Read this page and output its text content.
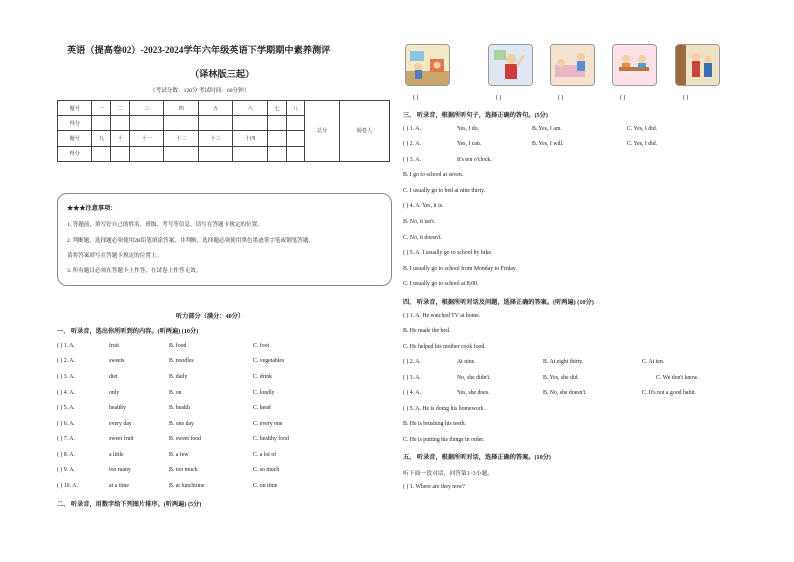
英语（提高卷02）-2023-2024学年六年级英语下学期期中素养测评
（译林版三起）
（考试分数：120分 考试时间：60分钟）
题号	一	二	三	四	五	六	七	八	总分	阅卷人
得分										
题号	九	十	十一	十二	十三	十四				
得分										
★★★注意事项：
1. 答题前，填写好自己的姓名、班级、考号等信息，请写在答题卡规定的位置。
2. 判断题、选择题必须使用2B铅笔填涂答案，非判断、选择题必须使用黑色墨迹签字笔或钢笔答题，
请将答案填写在答题卡规定的位置上。
3. 所有题目必须在答题卡上作答，在试卷上作答无效。
听力部分（满分：40分）
一、 听录音，选出你所听到的内容。(听两遍) (10分)
( ) 1. A.	fruit	B. food	C. foot
( ) 2. A.	sweets	B. noodles	C. vegetables
( ) 3. A.	diet	B. daily	C. drink
( ) 4. A.	only	B. on	C. loudly
( ) 5. A.	healthy	B. health	C. head
( ) 6. A.	every day	B. one day	C. every one
( ) 7. A.	sweet fruit	B. sweet food	C. healthy food
( ) 8. A.	a little	B. a few	C. a lot of
( ) 9. A.	too many	B. too much	C. so much
( ) 10. A.	at a time	B. at lunchtime	C. on time
二、 听录音，用数字给下列图片排序。(听两遍) (5分)
( )	( )	( )	( )	( )
三、 听录音，根据所听句子，选择正确的答句。(5分)
( ) 1. A.	Yes, I do.	B. Yes, I am.	C. Yes, I did.
( ) 2. A.	Yes, I can.	B. Yes, I will.	C. Yes, I did.
( ) 3. A.	It's ten o'clock.
B. I go to school at seven.
C. I usually go to bed at nine thirty.
( ) 4. A. Yes, it is.
B. No, it isn't.
C. No, it doesn't.
( ) 5. A. I usually go to school by bike.
B. I usually go to school from Monday to Friday.
C. I usually go to school at 8:00.
四、 听录音，根据所听对话及问题，选择正确的答案。(听两遍) (10分)
( ) 1. A. He watched TV at home.
B. He made the bed.
C. He helped his mother cook food.
( ) 2. A.	At nine.	B. At eight thirty.	C. At ten.
( ) 3. A.	No, she didn't.	B. Yes, she did.	C. We don't know.
( ) 4. A.	Yes, she does.	B. No, she doesn't.	C. It's not a good habit.
( ) 5. A. He is doing his homework.
B. He is brushing his teeth.
C. He is putting his things in order.
五、 听录音，根据所听对话，选择正确的答案。(10分)
听下面一段对话，回答第1~3小题。
( ) 1. Where are they now?
